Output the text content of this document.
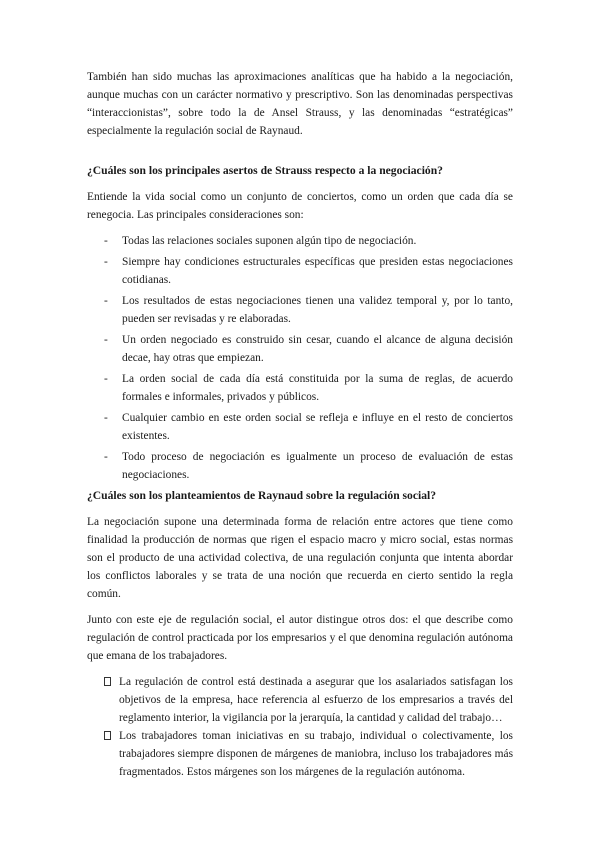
También han sido muchas las aproximaciones analíticas que ha habido a la negociación, aunque muchas con un carácter normativo y prescriptivo. Son las denominadas perspectivas “interaccionistas”, sobre todo la de Ansel Strauss, y las denominadas “estratégicas” especialmente la regulación social de Raynaud.

¿Cuáles son los principales asertos de Strauss respecto a la negociación?

Entiende la vida social como un conjunto de conciertos, como un orden que cada día se renegocia. Las principales consideraciones son:

- Todas las relaciones sociales suponen algún tipo de negociación.
- Siempre hay condiciones estructurales específicas que presiden estas negociaciones cotidianas.
- Los resultados de estas negociaciones tienen una validez temporal y, por lo tanto, pueden ser revisadas y re elaboradas.
- Un orden negociado es construido sin cesar, cuando el alcance de alguna decisión decae, hay otras que empiezan.
- La orden social de cada día está constituida por la suma de reglas, de acuerdo formales e informales, privados y públicos.
- Cualquier cambio en este orden social se refleja e influye en el resto de conciertos existentes.
- Todo proceso de negociación es igualmente un proceso de evaluación de estas negociaciones.
¿Cuáles son los planteamientos de Raynaud sobre la regulación social?

La negociación supone una determinada forma de relación entre actores que tiene como finalidad la producción de normas que rigen el espacio macro y micro social, estas normas son el producto de una actividad colectiva, de una regulación conjunta que intenta abordar los conflictos laborales y se trata de una noción que recuerda en cierto sentido la regla común.

Junto con este eje de regulación social, el autor distingue otros dos: el que describe como regulación de control practicada por los empresarios y el que denomina regulación autónoma que emana de los trabajadores.

La regulación de control está destinada a asegurar que los asalariados satisfagan los objetivos de la empresa, hace referencia al esfuerzo de los empresarios a través del reglamento interior, la vigilancia por la jerarquía, la cantidad y calidad del trabajo…
Los trabajadores toman iniciativas en su trabajo, individual o colectivamente, los trabajadores siempre disponen de márgenes de maniobra, incluso los trabajadores más fragmentados. Estos márgenes son los márgenes de la regulación autónoma.
